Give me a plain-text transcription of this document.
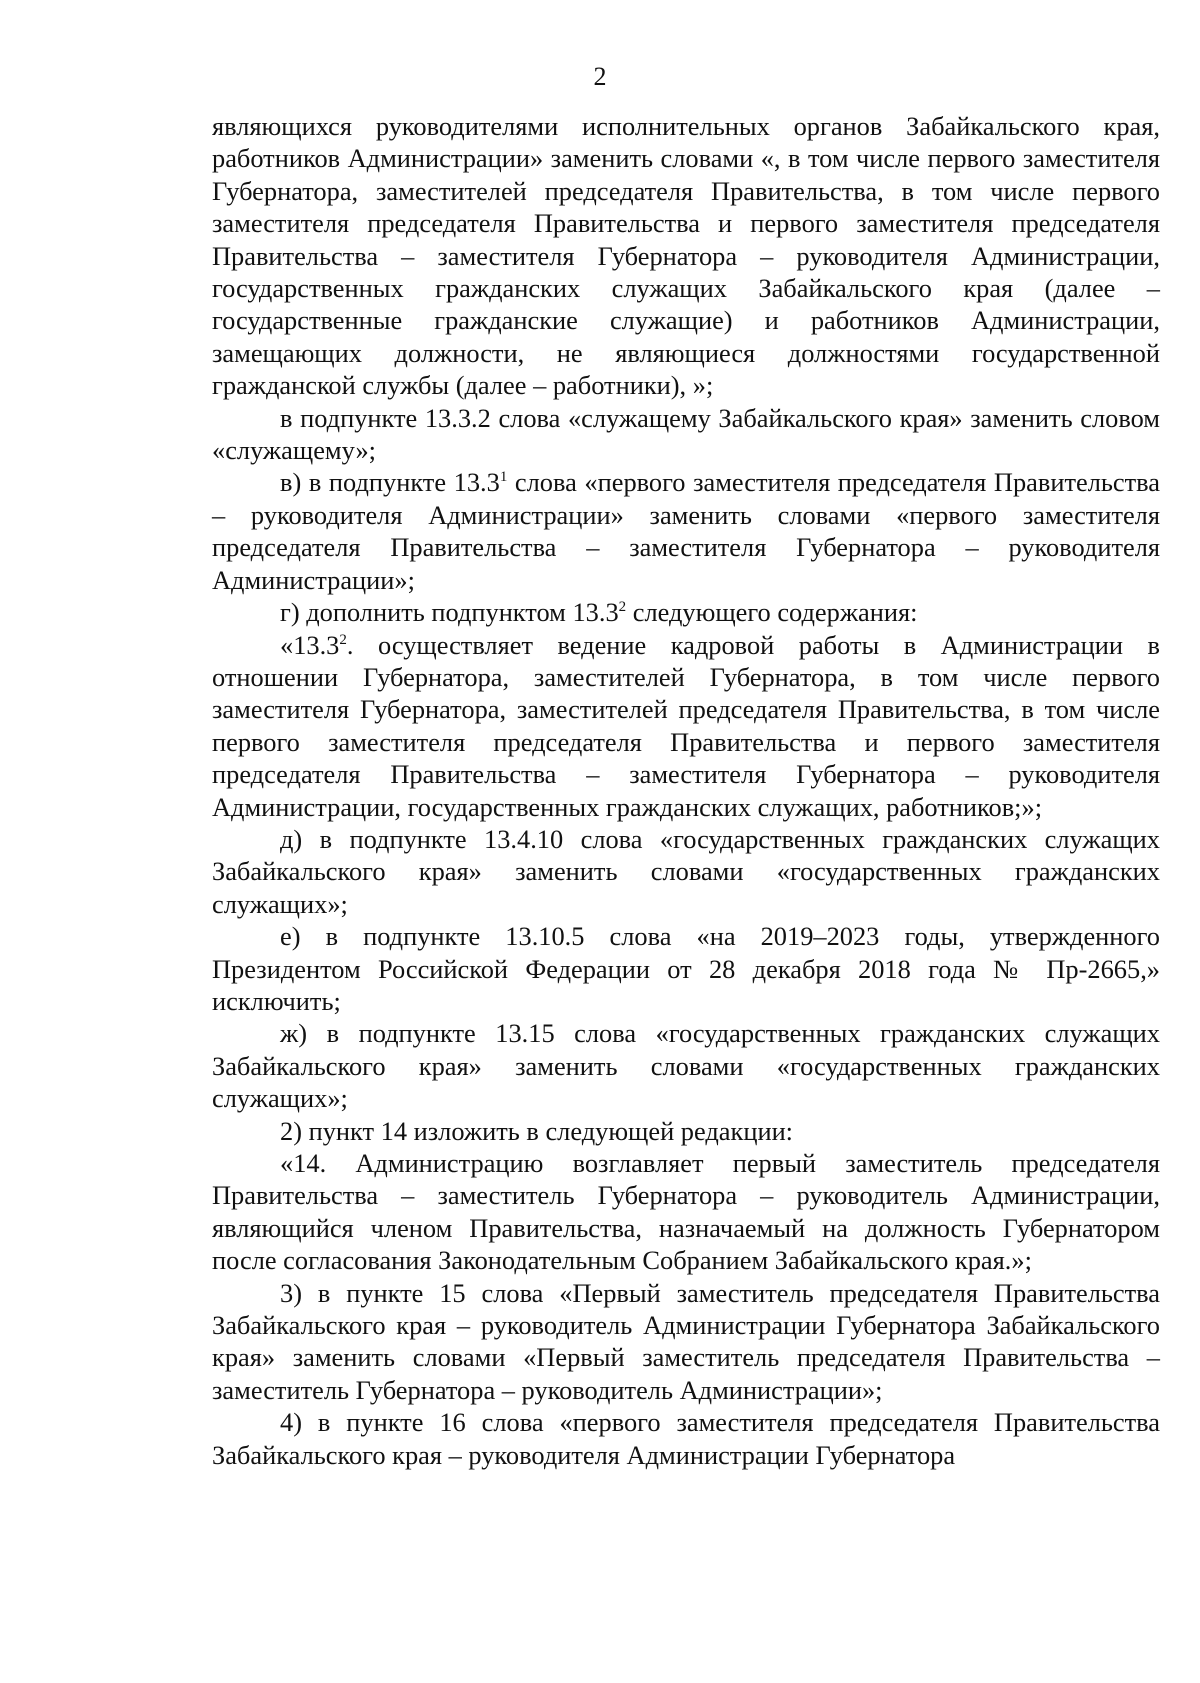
2

являющихся руководителями исполнительных органов Забайкальского края, работников Администрации» заменить словами «, в том числе первого заместителя Губернатора, заместителей председателя Правительства, в том числе первого заместителя председателя Правительства и первого заместителя председателя Правительства – заместителя Губернатора – руководителя Администрации, государственных гражданских служащих Забайкальского края (далее – государственные гражданские служащие) и работников Администрации, замещающих должности, не являющиеся должностями государственной гражданской службы (далее – работники), »;

в подпункте 13.3.2 слова «служащему Забайкальского края» заменить словом «служащему»;

в) в подпункте 13.3$^1$ слова «первого заместителя председателя Правительства – руководителя Администрации» заменить словами «первого заместителя председателя Правительства – заместителя Губернатора – руководителя Администрации»;

г) дополнить подпунктом 13.3$^2$ следующего содержания:

«13.3$^2$. осуществляет ведение кадровой работы в Администрации в отношении Губернатора, заместителей Губернатора, в том числе первого заместителя Губернатора, заместителей председателя Правительства, в том числе первого заместителя председателя Правительства и первого заместителя председателя Правительства – заместителя Губернатора – руководителя Администрации, государственных гражданских служащих, работников;»;

д) в подпункте 13.4.10 слова «государственных гражданских служащих Забайкальского края» заменить словами «государственных гражданских служащих»;

е) в подпункте 13.10.5 слова «на 2019–2023 годы, утвержденного Президентом Российской Федерации от 28 декабря 2018 года № Пр-2665,» исключить;

ж) в подпункте 13.15 слова «государственных гражданских служащих Забайкальского края» заменить словами «государственных гражданских служащих»;

2) пункт 14 изложить в следующей редакции:

«14. Администрацию возглавляет первый заместитель председателя Правительства – заместитель Губернатора – руководитель Администрации, являющийся членом Правительства, назначаемый на должность Губернатором после согласования Законодательным Собранием Забайкальского края.»;

3) в пункте 15 слова «Первый заместитель председателя Правительства Забайкальского края – руководитель Администрации Губернатора Забайкальского края» заменить словами «Первый заместитель председателя Правительства – заместитель Губернатора – руководитель Администрации»;

4) в пункте 16 слова «первого заместителя председателя Правительства Забайкальского края – руководителя Администрации Губернатора
